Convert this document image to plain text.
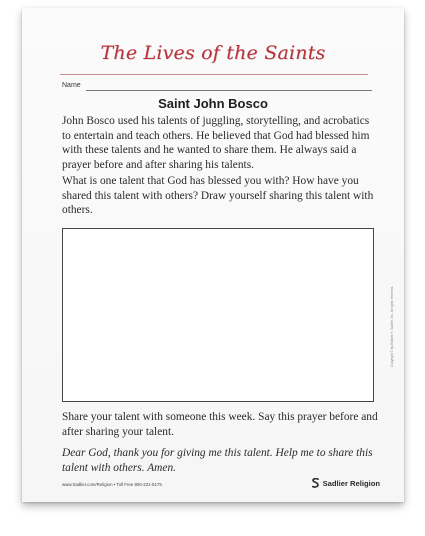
The Lives of the Saints
Name
Saint John Bosco
John Bosco used his talents of juggling, storytelling, and acrobatics to entertain and teach others. He believed that God had blessed him with these talents and he wanted to share them. He always said a prayer before and after sharing his talents.
What is one talent that God has blessed you with? How have you shared this talent with others? Draw yourself sharing this talent with others.
Share your talent with someone this week. Say this prayer before and after sharing your talent.
Dear God, thank you for giving me this talent. Help me to share this talent with others. Amen.
Copyright © by William H. Sadlier, Inc. All rights reserved.
www.Sadlier.com/Religion • Toll Free 800-221-5175	Sadlier Religion
